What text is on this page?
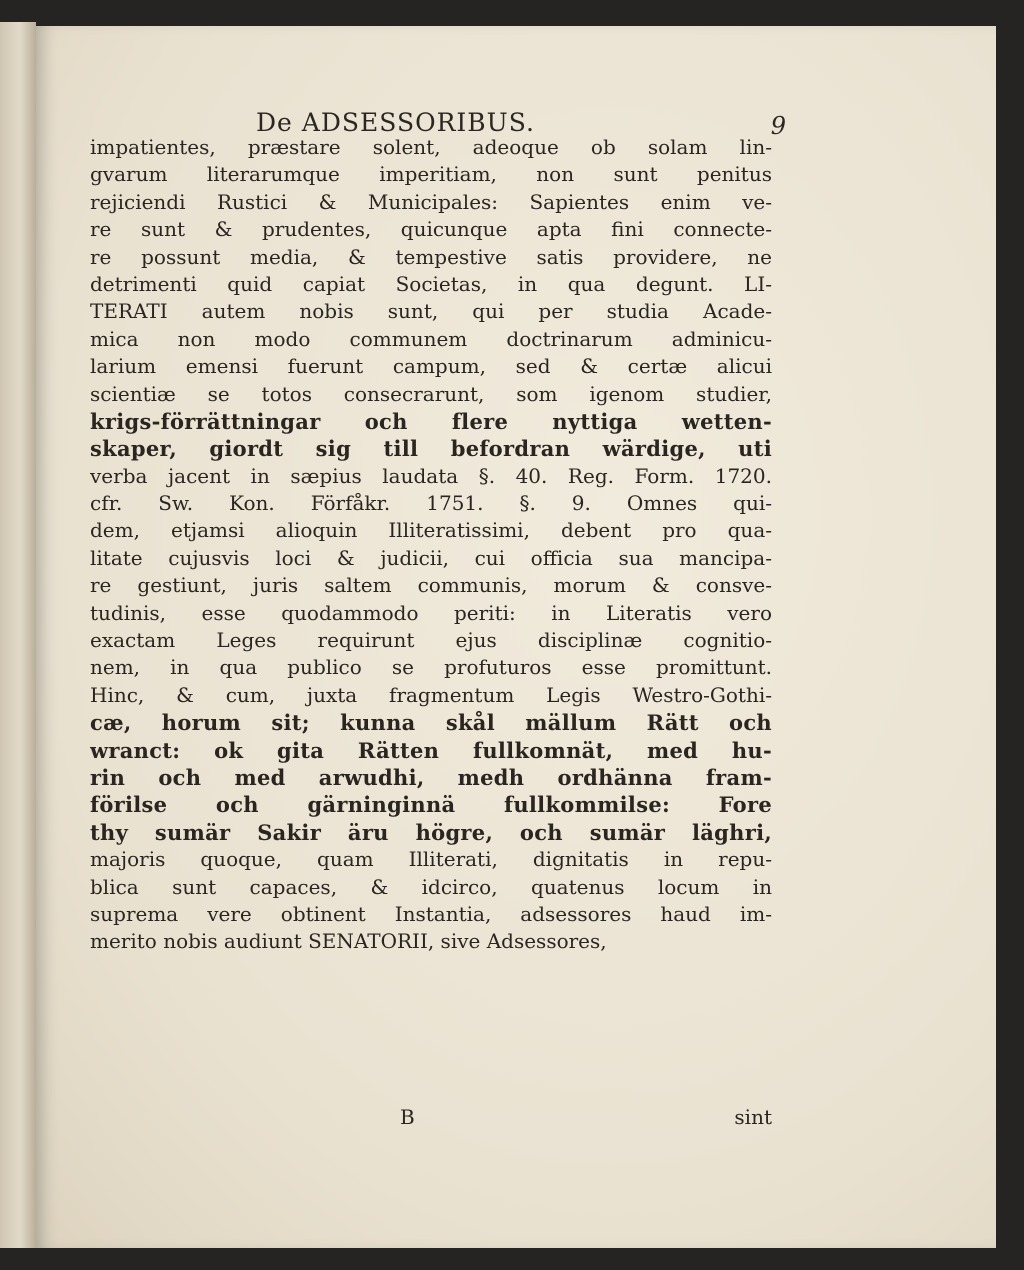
De ADSESSORIBUS.	9
impatientes, præstare solent, adeoque ob solam lin-
gvarum literarumque imperitiam, non sunt penitus
rejiciendi Rustici & Municipales: Sapientes enim ve-
re sunt & prudentes, quicunque apta fini connecte-
re possunt media, & tempestive satis providere, ne
detrimenti quid capiat Societas, in qua degunt. LI-
TERATI autem nobis sunt, qui per studia Acade-
mica non modo communem doctrinarum adminicu-
larium emensi fuerunt campum, sed & certæ alicui
scientiæ se totos consecrarunt, som igenom studier,
krigs-förrättningar och flere nyttiga wetten-
skaper, giordt sig till befordran wärdige, uti
verba jacent in sæpius laudata §. 40. Reg. Form. 1720.
cfr. Sw. Kon. Förfåkr. 1751. §. 9. Omnes qui-
dem, etjamsi alioquin Illiteratissimi, debent pro qua-
litate cujusvis loci & judicii, cui officia sua mancipa-
re gestiunt, juris saltem communis, morum & consve-
tudinis, esse quodammodo periti: in Literatis vero
exactam Leges requirunt ejus disciplinæ cognitio-
nem, in qua publico se profuturos esse promittunt.
Hinc, & cum, juxta fragmentum Legis Westro-Gothi-
cæ, horum sit; kunna skål mällum Rätt och
wranct: ok gita Rätten fullkomnät, med hu-
rin och med arwudhi, medh ordhänna fram-
förilse och gärninginnä fullkommilse: Fore
thy sumär Sakir äru högre, och sumär läghri,
majoris quoque, quam Illiterati, dignitatis in repu-
blica sunt capaces, & idcirco, quatenus locum in
suprema vere obtinent Instantia, adsessores haud im-
merito nobis audiunt SENATORII, sive Adsessores,
B	sint
